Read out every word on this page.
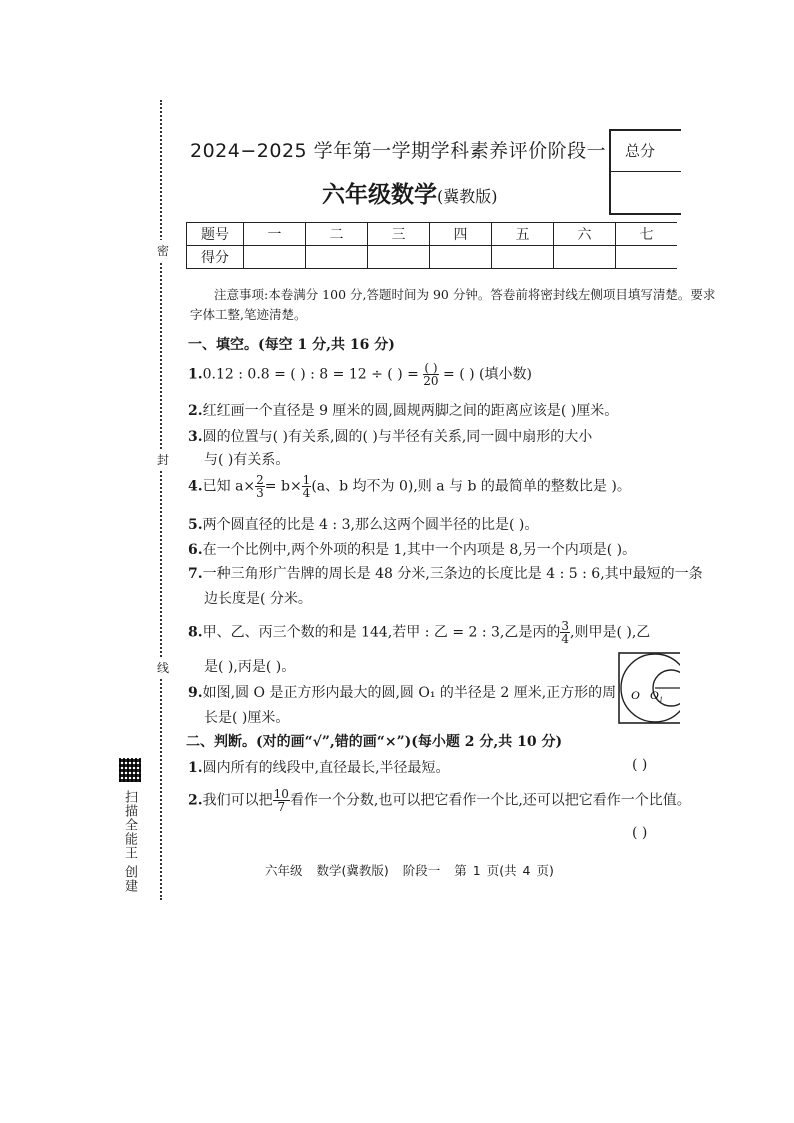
密
封
线
扫描全能王 创建
2024−2025 学年第一学期学科素养评价阶段一
六年级数学(冀教版)
总分
题号	一	二	三	四	五	六	七
得分							
注意事项:本卷满分 100 分,答题时间为 90 分钟。答卷前将密封线左侧项目填写清楚。要求
字体工整,笔迹清楚。
一、填空。(每空 1 分,共 16 分)
1.0.12 : 0.8 = ( ) : 8 = 12 ÷ ( ) = $\frac{( )}{20}$ = ( ) (填小数)
2.红红画一个直径是 9 厘米的圆,圆规两脚之间的距离应该是( )厘米。
3.圆的位置与( )有关系,圆的( )与半径有关系,同一圆中扇形的大小
与( )有关系。
4.已知 $a\times \frac{2}{3} = b\times \frac{1}{4} (a$、b 均不为 0),则 a 与 b 的最简单的整数比是 )。
5.两个圆直径的比是 4 : 3,那么这两个圆半径的比是( )。
6.在一个比例中,两个外项的积是 1,其中一个内项是 8,另一个内项是( )。
7.一种三角形广告牌的周长是 48 分米,三条边的长度比是 4 : 5 : 6,其中最短的一条
边长度是( 分米。
8.甲、乙、丙三个数的和是 144,若甲 : 乙 = 2 : 3,乙是丙的 $\frac{3}{4}$ ,则甲是( ),乙
是( ),丙是( )。
9.如图,圆 O 是正方形内最大的圆,圆 O₁ 的半径是 2 厘米,正方形的周
长是( )厘米。
O O₁
二、判断。(对的画“√”,错的画“×”)(每小题 2 分,共 10 分)
1.圆内所有的线段中,直径最长,半径最短。	( )
2.我们可以把 $\frac{10}{7}$ 看作一个分数,也可以把它看作一个比,还可以把它看作一个比值。
( )
六年级 数学(冀教版) 阶段一 第 1 页(共 4 页)
